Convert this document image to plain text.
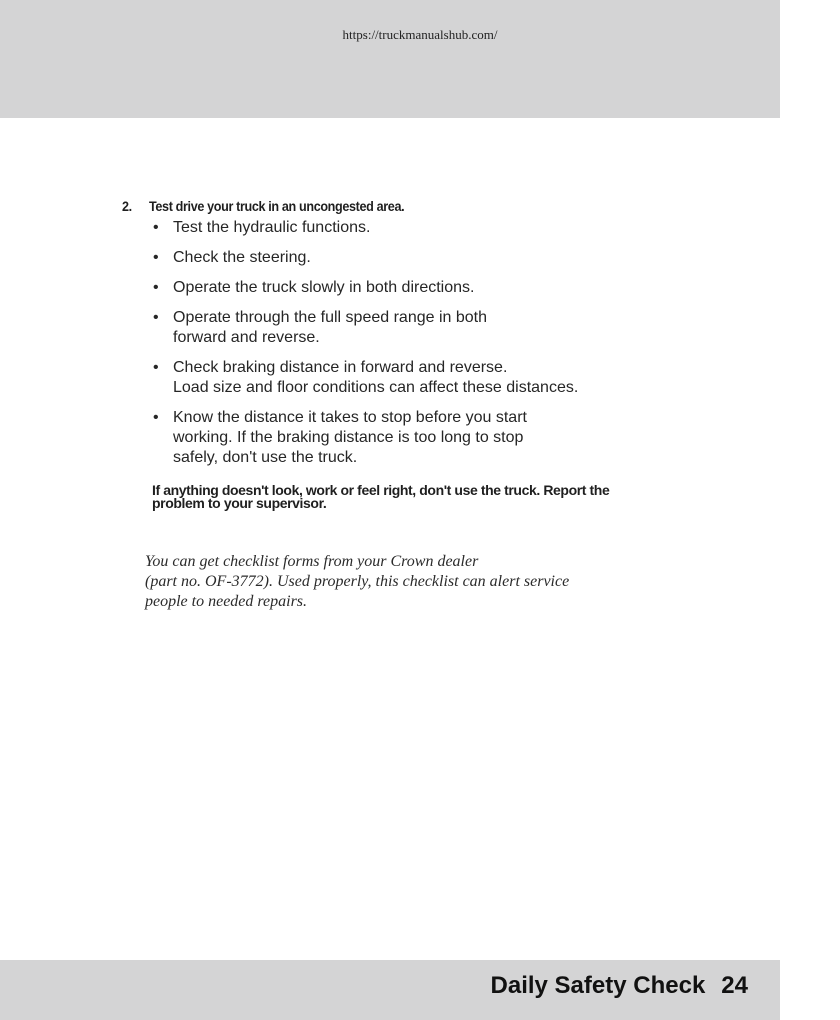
https://truckmanualshub.com/
2. Test drive your truck in an uncongested area.
• Test the hydraulic functions.
• Check the steering.
• Operate the truck slowly in both directions.
• Operate through the full speed range in both
forward and reverse.
• Check braking distance in forward and reverse.
Load size and floor conditions can affect these distances.
• Know the distance it takes to stop before you start
working. If the braking distance is too long to stop
safely, don't use the truck.
If anything doesn't look, work or feel right, don't use the truck. Report the
problem to your supervisor.
You can get checklist forms from your Crown dealer
(part no. OF-3772). Used properly, this checklist can alert service
people to needed repairs.
Daily Safety Check 24
